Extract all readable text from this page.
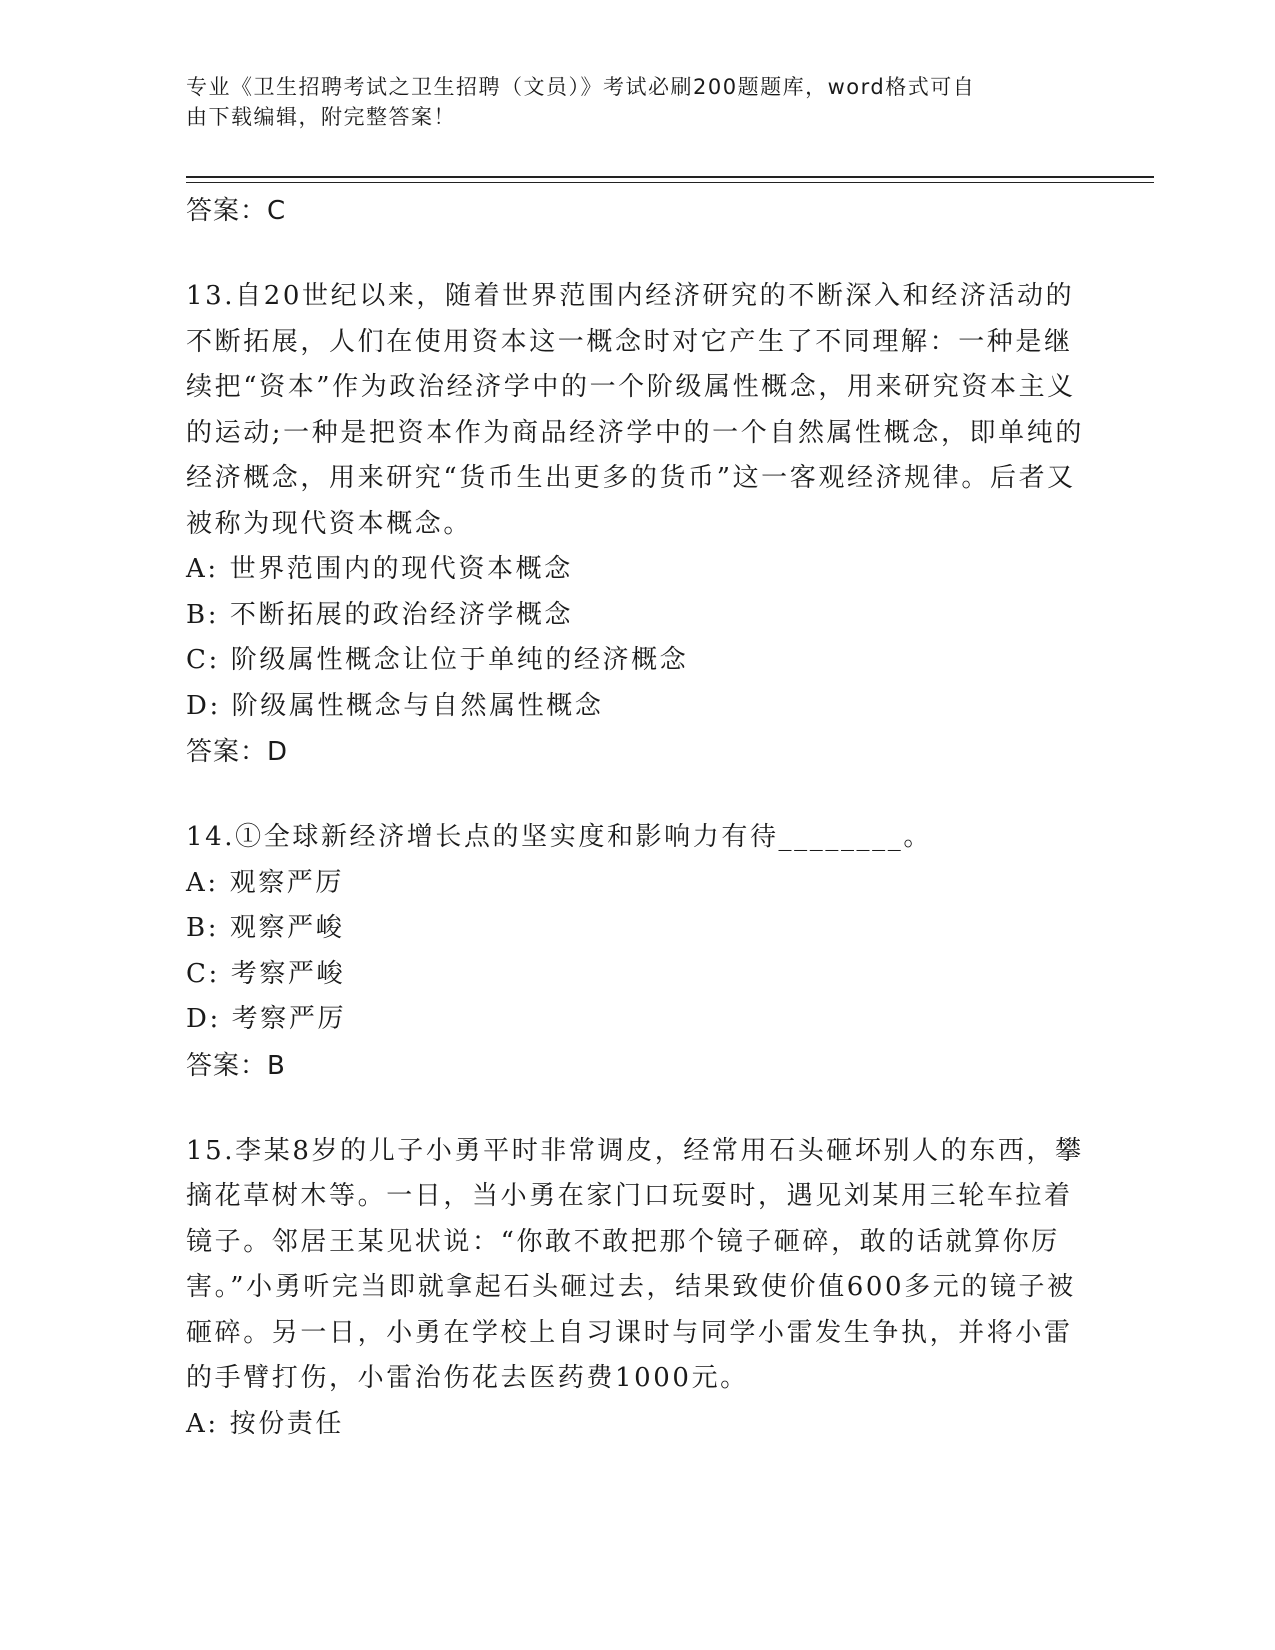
专业《卫生招聘考试之卫生招聘（文员）》考试必刷200题题库，word格式可自
由下载编辑，附完整答案！
答案：C
13.自20世纪以来，随着世界范围内经济研究的不断深入和经济活动的不断拓展，人们在使用资本这一概念时对它产生了不同理解：一种是继续把“资本”作为政治经济学中的一个阶级属性概念，用来研究资本主义的运动;一种是把资本作为商品经济学中的一个自然属性概念，即单纯的经济概念，用来研究“货币生出更多的货币”这一客观经济规律。后者又被称为现代资本概念。
A: 世界范围内的现代资本概念
B: 不断拓展的政治经济学概念
C: 阶级属性概念让位于单纯的经济概念
D: 阶级属性概念与自然属性概念
答案：D
14.①全球新经济增长点的坚实度和影响力有待________。
A: 观察严厉
B: 观察严峻
C: 考察严峻
D: 考察严厉
答案：B
15.李某8岁的儿子小勇平时非常调皮，经常用石头砸坏别人的东西，攀摘花草树木等。一日，当小勇在家门口玩耍时，遇见刘某用三轮车拉着镜子。邻居王某见状说：“你敢不敢把那个镜子砸碎，敢的话就算你厉害。”小勇听完当即就拿起石头砸过去，结果致使价值600多元的镜子被砸碎。另一日，小勇在学校上自习课时与同学小雷发生争执，并将小雷的手臂打伤，小雷治伤花去医药费1000元。
A: 按份责任
